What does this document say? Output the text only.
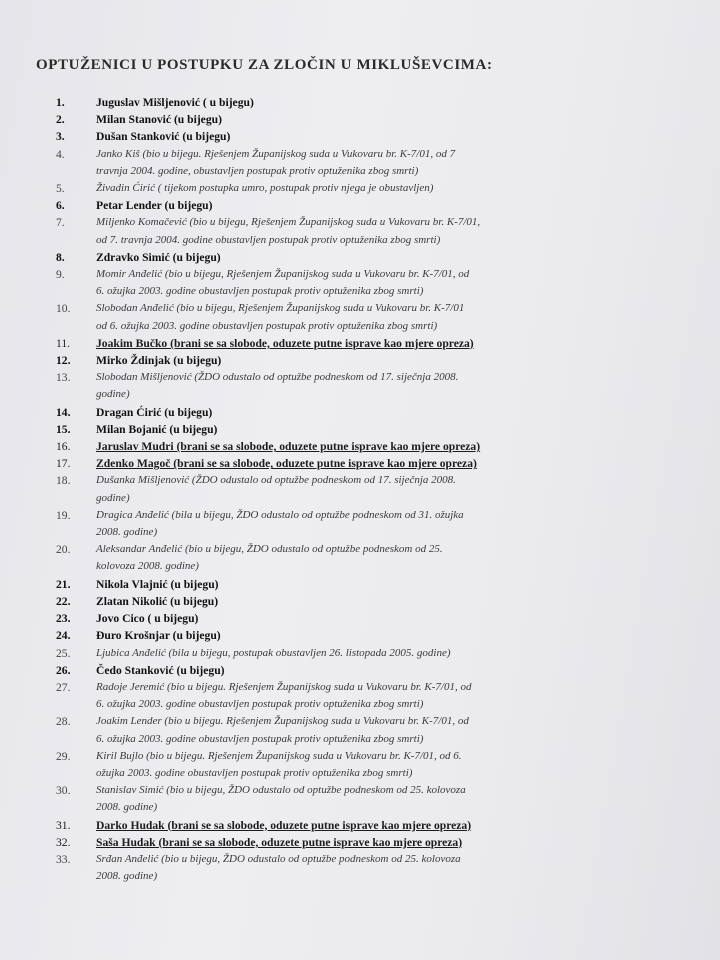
OPTUŽENICI U POSTUPKU ZA ZLOČIN U MIKLUŠEVCIMA:
1.	Juguslav Mišljenović ( u bijegu)
2.	Milan Stanović (u bijegu)
3.	Dušan Stanković (u bijegu)
4.	Janko Kiš (bio u bijegu. Rješenjem Županijskog suda u Vukovaru br. K-7/01, od 7
travnja 2004. godine, obustavljen postupak protiv optuženika zbog smrti)
5.	Živadin Ćirić ( tijekom postupka umro, postupak protiv njega je obustavljen)
6.	Petar Lender (u bijegu)
7.	Miljenko Komačević (bio u bijegu, Rješenjem Županijskog suda u Vukovaru br. K-7/01,
od 7. travnja 2004. godine obustavljen postupak protiv optuženika zbog smrti)
8.	Zdravko Simić (u bijegu)
9.	Momir Anđelić (bio u bijegu, Rješenjem Županijskog suda u Vukovaru br. K-7/01, od
6. ožujka 2003. godine obustavljen postupak protiv optuženika zbog smrti)
10.	Slobodan Anđelić (bio u bijegu, Rješenjem Županijskog suda u Vukovaru br. K-7/01
od 6. ožujka 2003. godine obustavljen postupak protiv optuženika zbog smrti)
11.	Joakim Bučko (brani se sa slobode, oduzete putne isprave kao mjere opreza)
12.	Mirko Ždinjak (u bijegu)
13.	Slobodan Mišljenović (ŽDO odustalo od optužbe podneskom od 17. siječnja 2008.
godine)
14.	Dragan Ćirić (u bijegu)
15.	Milan Bojanić (u bijegu)
16.	Jaruslav Mudri (brani se sa slobode, oduzete putne isprave kao mjere opreza)
17.	Zdenko Magoč (brani se sa slobode, oduzete putne isprave kao mjere opreza)
18.	Dušanka Mišljenović (ŽDO odustalo od optužbe podneskom od 17. siječnja 2008.
godine)
19.	Dragica Anđelić (bila u bijegu, ŽDO odustalo od optužbe podneskom od 31. ožujka
2008. godine)
20.	Aleksandar Anđelić (bio u bijegu, ŽDO odustalo od optužbe podneskom od 25.
kolovoza 2008. godine)
21.	Nikola Vlajnić (u bijegu)
22.	Zlatan Nikolić (u bijegu)
23.	Jovo Cico ( u bijegu)
24.	Đuro Krošnjar (u bijegu)
25.	Ljubica Anđelić (bila u bijegu, postupak obustavljen 26. listopada 2005. godine)
26.	Čedo Stanković (u bijegu)
27.	Radoje Jeremić (bio u bijegu. Rješenjem Županijskog suda u Vukovaru br. K-7/01, od
6. ožujka 2003. godine obustavljen postupak protiv optuženika zbog smrti)
28.	Joakim Lender (bio u bijegu. Rješenjem Županijskog suda u Vukovaru br. K-7/01, od
6. ožujka 2003. godine obustavljen postupak protiv optuženika zbog smrti)
29.	Kiril Bujlo (bio u bijegu. Rješenjem Županijskog suda u Vukovaru br. K-7/01, od 6.
ožujka 2003. godine obustavljen postupak protiv optuženika zbog smrti)
30.	Stanislav Simić (bio u bijegu, ŽDO odustalo od optužbe podneskom od 25. kolovoza
2008. godine)
31.	Darko Hudak (brani se sa slobode, oduzete putne isprave kao mjere opreza)
32.	Saša Hudak (brani se sa slobode, oduzete putne isprave kao mjere opreza)
33.	Srđan Anđelić (bio u bijegu, ŽDO odustalo od optužbe podneskom od 25. kolovoza
2008. godine)
